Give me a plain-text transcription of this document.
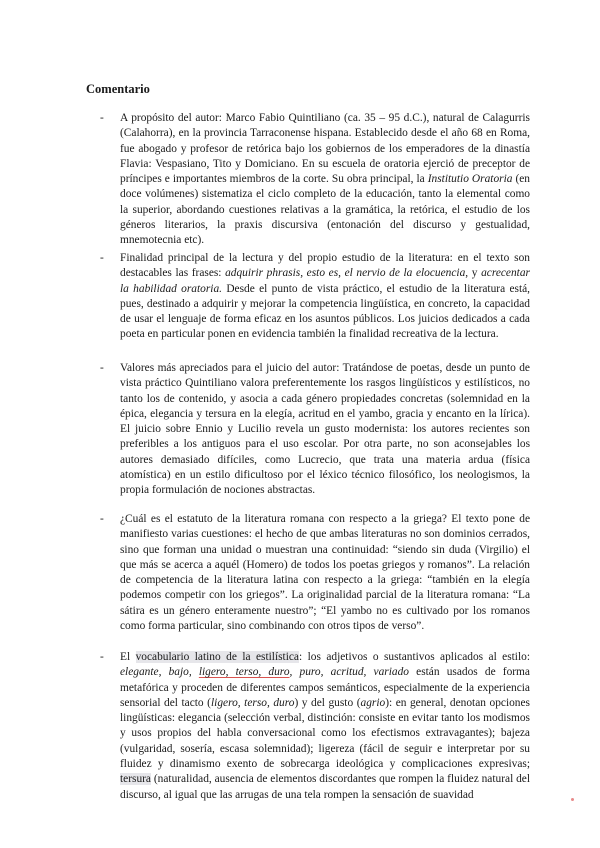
Comentario
-	A propósito del autor: Marco Fabio Quintiliano (ca. 35 – 95 d.C.), natural de Calagurris (Calahorra), en la provincia Tarraconense hispana. Establecido desde el año 68 en Roma, fue abogado y profesor de retórica bajo los gobiernos de los emperadores de la dinastía Flavia: Vespasiano, Tito y Domiciano. En su escuela de oratoria ejerció de preceptor de príncipes e importantes miembros de la corte. Su obra principal, la Institutio Oratoria (en doce volúmenes) sistematiza el ciclo completo de la educación, tanto la elemental como la superior, abordando cuestiones relativas a la gramática, la retórica, el estudio de los géneros literarios, la praxis discursiva (entonación del discurso y gestualidad, mnemotecnia etc).
-	Finalidad principal de la lectura y del propio estudio de la literatura: en el texto son destacables las frases: adquirir phrasis, esto es, el nervio de la elocuencia, y acrecentar la habilidad oratoria. Desde el punto de vista práctico, el estudio de la literatura está, pues, destinado a adquirir y mejorar la competencia lingüística, en concreto, la capacidad de usar el lenguaje de forma eficaz en los asuntos públicos. Los juicios dedicados a cada poeta en particular ponen en evidencia también la finalidad recreativa de la lectura.
-	Valores más apreciados para el juicio del autor: Tratándose de poetas, desde un punto de vista práctico Quintiliano valora preferentemente los rasgos lingüísticos y estilísticos, no tanto los de contenido, y asocia a cada género propiedades concretas (solemnidad en la épica, elegancia y tersura en la elegía, acritud en el yambo, gracia y encanto en la lírica). El juicio sobre Ennio y Lucilio revela un gusto modernista: los autores recientes son preferibles a los antiguos para el uso escolar. Por otra parte, no son aconsejables los autores demasiado difíciles, como Lucrecio, que trata una materia ardua (física atomística) en un estilo dificultoso por el léxico técnico filosófico, los neologismos, la propia formulación de nociones abstractas.
-	¿Cuál es el estatuto de la literatura romana con respecto a la griega? El texto pone de manifiesto varias cuestiones: el hecho de que ambas literaturas no son dominios cerrados, sino que forman una unidad o muestran una continuidad: “siendo sin duda (Virgilio) el que más se acerca a aquél (Homero) de todos los poetas griegos y romanos”. La relación de competencia de la literatura latina con respecto a la griega: “también en la elegía podemos competir con los griegos”. La originalidad parcial de la literatura romana: “La sátira es un género enteramente nuestro”; “El yambo no es cultivado por los romanos como forma particular, sino combinando con otros tipos de verso”.
-	El vocabulario latino de la estilística: los adjetivos o sustantivos aplicados al estilo: elegante, bajo, ligero, terso, duro, puro, acritud, variado están usados de forma metafórica y proceden de diferentes campos semánticos, especialmente de la experiencia sensorial del tacto (ligero, terso, duro) y del gusto (agrio): en general, denotan opciones lingüísticas: elegancia (selección verbal, distinción: consiste en evitar tanto los modismos y usos propios del habla conversacional como los efectismos extravagantes); bajeza (vulgaridad, sosería, escasa solemnidad); ligereza (fácil de seguir e interpretar por su fluidez y dinamismo exento de sobrecarga ideológica y complicaciones expresivas; tersura (naturalidad, ausencia de elementos discordantes que rompen la fluidez natural del discurso, al igual que las arrugas de una tela rompen la sensación de suavidad
